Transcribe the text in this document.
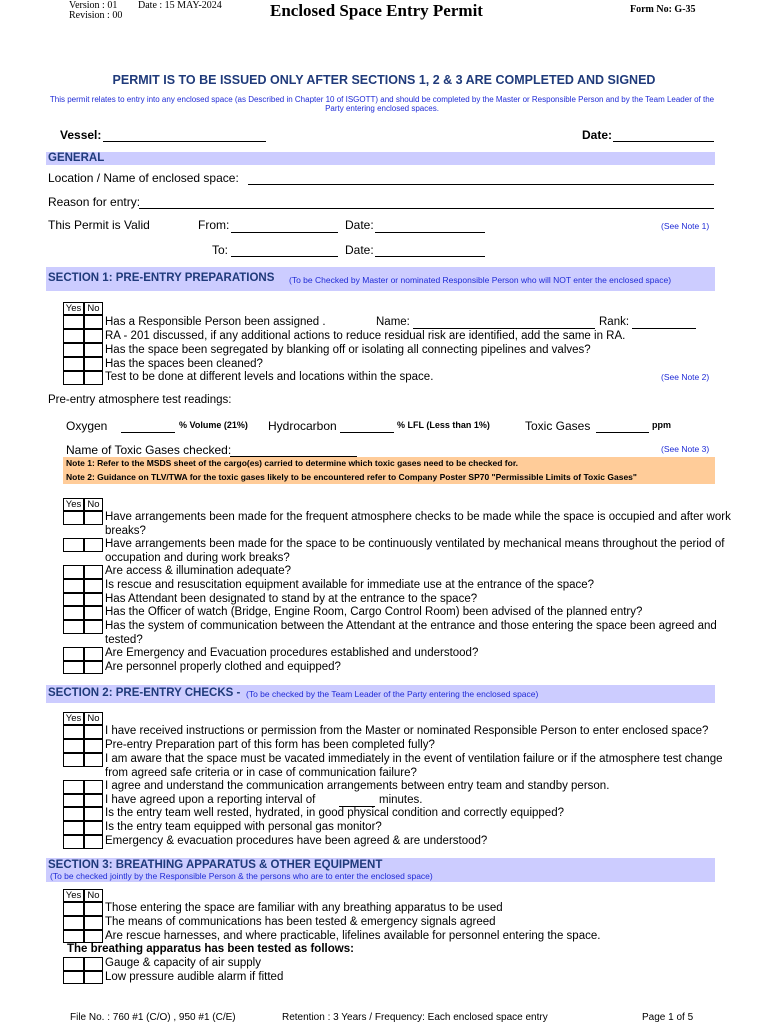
Version : 01
Revision : 00
Date : 15 MAY-2024	Enclosed Space Entry Permit	Form No: G-35
PERMIT IS TO BE ISSUED ONLY AFTER SECTIONS 1, 2 & 3 ARE COMPLETED AND SIGNED
This permit relates to entry into any enclosed space (as Described in Chapter 10 of ISGOTT) and should be completed by the Master or Responsible Person and by the Team Leader of the Party entering enclosed spaces.
Vessel:	Date:
GENERAL
Location / Name of enclosed space:
Reason for entry:
This Permit is Valid	From:	Date:	(See Note 1)
To:	Date:
SECTION 1: PRE-ENTRY PREPARATIONS (To be Checked by Master or nominated Responsible Person who will NOT enter the enclosed space)
Yes No
Has a Responsible Person been assigned .	Name:	Rank:
RA - 201 discussed, if any additional actions to reduce residual risk are identified, add the same in RA.
Has the space been segregated by blanking off or isolating all connecting pipelines and valves?
Has the spaces been cleaned?
Test to be done at different levels and locations within the space.	(See Note 2)
Pre-entry atmosphere test readings:
Oxygen	% Volume (21%) Hydrocarbon	% LFL (Less than 1%)	Toxic Gases	ppm
Name of Toxic Gases checked:	(See Note 3)
Note 1: Refer to the MSDS sheet of the cargo(es) carried to determine which toxic gases need to be checked for.
Note 2: Guidance on TLV/TWA for the toxic gases likely to be encountered refer to Company Poster SP70 "Permissible Limits of Toxic Gases"
Yes No
Have arrangements been made for the frequent atmosphere checks to be made while the space is occupied and after work breaks?
Have arrangements been made for the space to be continuously ventilated by mechanical means throughout the period of occupation and during work breaks?
Are access & illumination adequate?
Is rescue and resuscitation equipment available for immediate use at the entrance of the space?
Has Attendant been designated to stand by at the entrance to the space?
Has the Officer of watch (Bridge, Engine Room, Cargo Control Room) been advised of the planned entry?
Has the system of communication between the Attendant at the entrance and those entering the space been agreed and tested?
Are Emergency and Evacuation procedures established and understood?
Are personnel properly clothed and equipped?
SECTION 2: PRE-ENTRY CHECKS - (To be checked by the Team Leader of the Party entering the enclosed space)
Yes No
I have received instructions or permission from the Master or nominated Responsible Person to enter enclosed space?
Pre-entry Preparation part of this form has been completed fully?
I am aware that the space must be vacated immediately in the event of ventilation failure or if the atmosphere test change from agreed safe criteria or in case of communication failure?
I agree and understand the communication arrangements between entry team and standby person.
I have agreed upon a reporting interval of	minutes.
Is the entry team well rested, hydrated, in good physical condition and correctly equipped?
Is the entry team equipped with personal gas monitor?
Emergency & evacuation procedures have been agreed & are understood?
SECTION 3: BREATHING APPARATUS & OTHER EQUIPMENT
(To be checked jointly by the Responsible Person & the persons who are to enter the enclosed space)
Yes No
Those entering the space are familiar with any breathing apparatus to be used
The means of communications has been tested & emergency signals agreed
Are rescue harnesses, and where practicable, lifelines available for personnel entering the space.
The breathing apparatus has been tested as follows:
Gauge & capacity of air supply
Low pressure audible alarm if fitted
File No. : 760 #1 (C/O) , 950 #1 (C/E)	Retention : 3 Years / Frequency: Each enclosed space entry	Page 1 of 5
